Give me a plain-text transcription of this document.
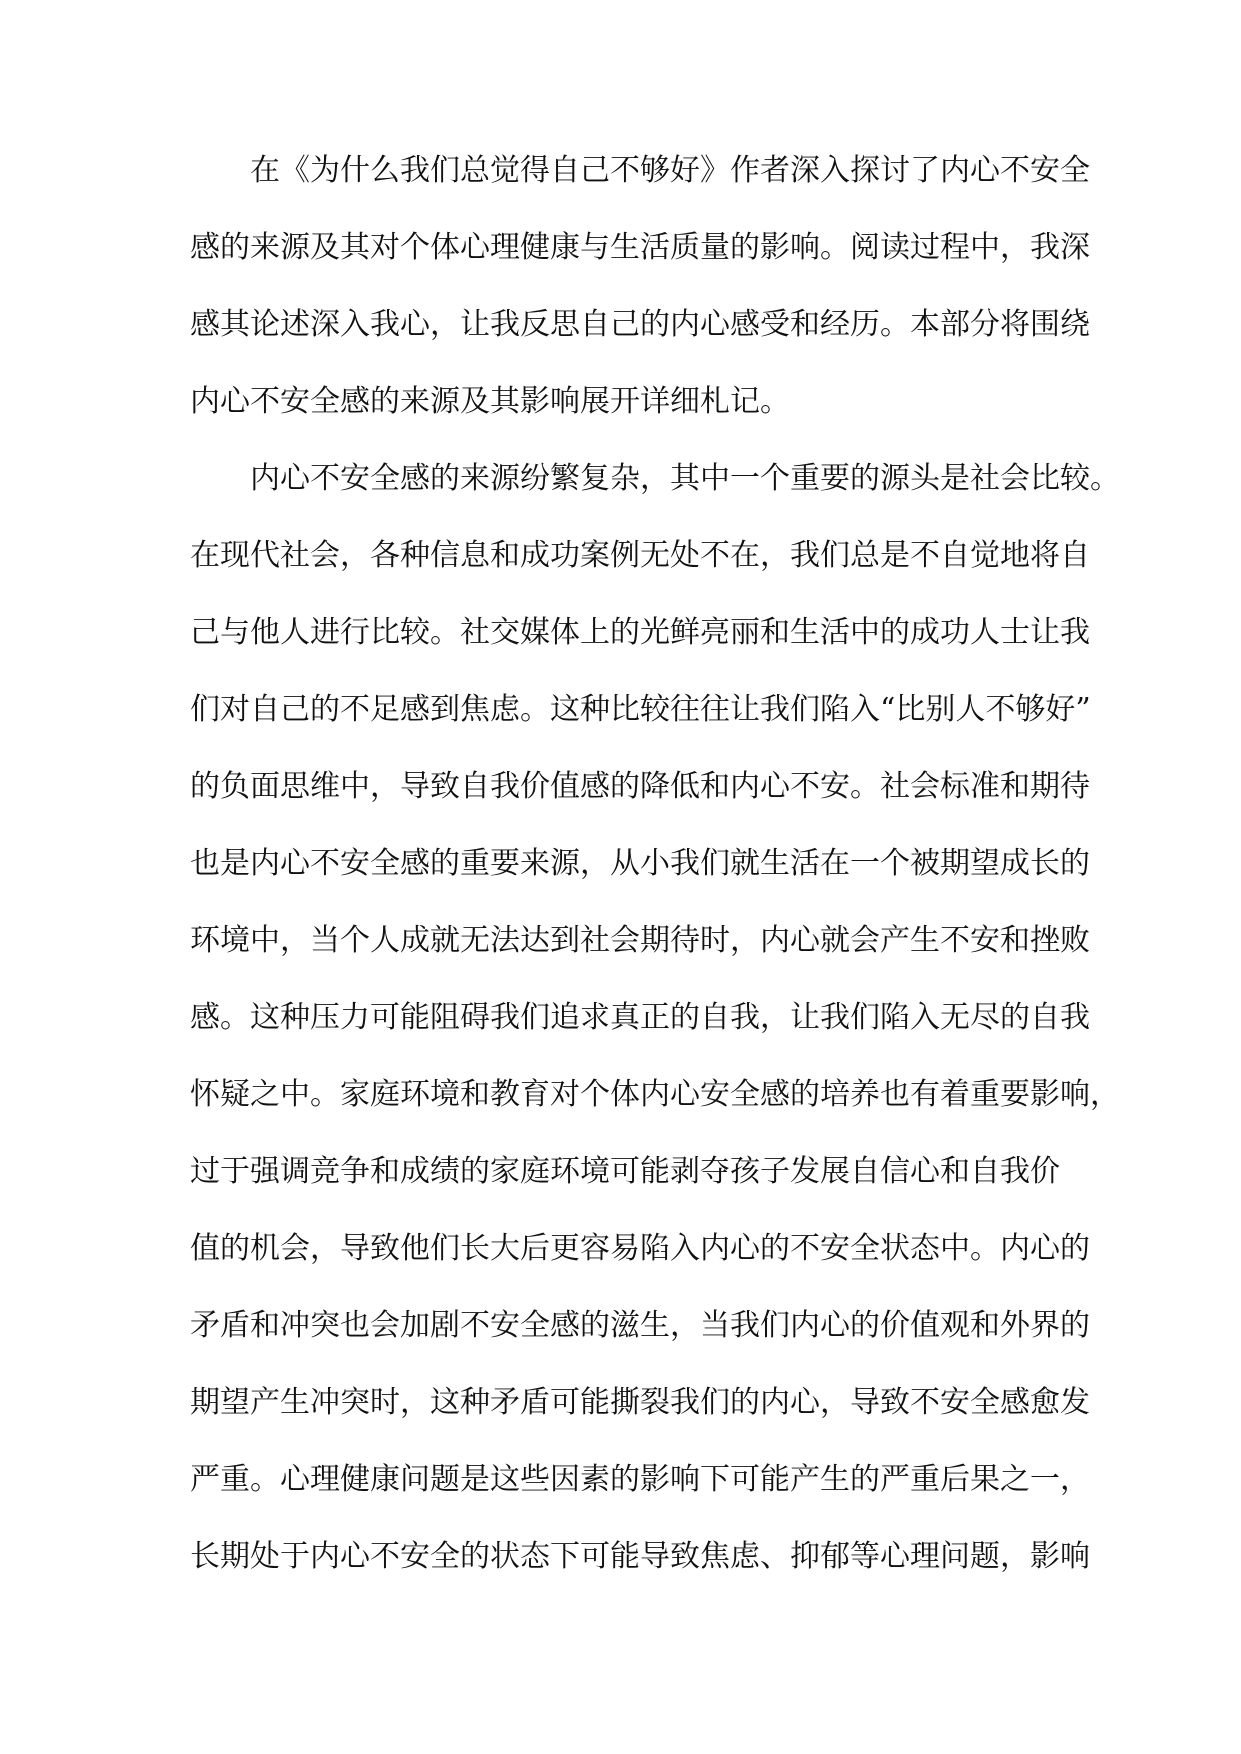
在《为什么我们总觉得自己不够好》作者深入探讨了内心不安全
感的来源及其对个体心理健康与生活质量的影响。阅读过程中，我深
感其论述深入我心，让我反思自己的内心感受和经历。本部分将围绕
内心不安全感的来源及其影响展开详细札记。
内心不安全感的来源纷繁复杂，其中一个重要的源头是社会比较。
在现代社会，各种信息和成功案例无处不在，我们总是不自觉地将自
己与他人进行比较。社交媒体上的光鲜亮丽和生活中的成功人士让我
们对自己的不足感到焦虑。这种比较往往让我们陷入“比别人不够好”
的负面思维中，导致自我价值感的降低和内心不安。社会标准和期待
也是内心不安全感的重要来源，从小我们就生活在一个被期望成长的
环境中，当个人成就无法达到社会期待时，内心就会产生不安和挫败
感。这种压力可能阻碍我们追求真正的自我，让我们陷入无尽的自我
怀疑之中。家庭环境和教育对个体内心安全感的培养也有着重要影响，
过于强调竞争和成绩的家庭环境可能剥夺孩子发展自信心和自我价
值的机会，导致他们长大后更容易陷入内心的不安全状态中。内心的
矛盾和冲突也会加剧不安全感的滋生，当我们内心的价值观和外界的
期望产生冲突时，这种矛盾可能撕裂我们的内心，导致不安全感愈发
严重。心理健康问题是这些因素的影响下可能产生的严重后果之一，
长期处于内心不安全的状态下可能导致焦虑、抑郁等心理问题，影响
